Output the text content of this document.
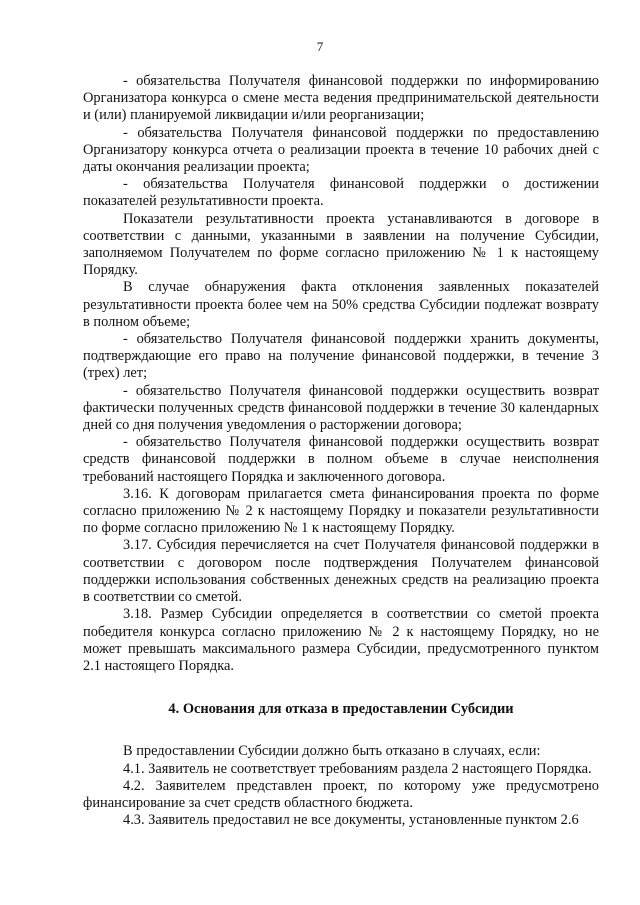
7

- обязательства Получателя финансовой поддержки по информированию Организатора конкурса о смене места ведения предпринимательской деятельности и (или) планируемой ликвидации и/или реорганизации;

- обязательства Получателя финансовой поддержки по предоставлению Организатору конкурса отчета о реализации проекта в течение 10 рабочих дней с даты окончания реализации проекта;

- обязательства Получателя финансовой поддержки о достижении показателей результативности проекта.

Показатели результативности проекта устанавливаются в договоре в соответствии с данными, указанными в заявлении на получение Субсидии, заполняемом Получателем по форме согласно приложению № 1 к настоящему Порядку.

В случае обнаружения факта отклонения заявленных показателей результативности проекта более чем на 50% средства Субсидии подлежат возврату в полном объеме;

- обязательство Получателя финансовой поддержки хранить документы, подтверждающие его право на получение финансовой поддержки, в течение 3 (трех) лет;

- обязательство Получателя финансовой поддержки осуществить возврат фактически полученных средств финансовой поддержки в течение 30 календарных дней со дня получения уведомления о расторжении договора;

- обязательство Получателя финансовой поддержки осуществить возврат средств финансовой поддержки в полном объеме в случае неисполнения требований настоящего Порядка и заключенного договора.

3.16. К договорам прилагается смета финансирования проекта по форме согласно приложению № 2 к настоящему Порядку и показатели результативности по форме согласно приложению № 1 к настоящему Порядку.

3.17. Субсидия перечисляется на счет Получателя финансовой поддержки в соответствии с договором после подтверждения Получателем финансовой поддержки использования собственных денежных средств на реализацию проекта в соответствии со сметой.

3.18. Размер Субсидии определяется в соответствии со сметой проекта победителя конкурса согласно приложению № 2 к настоящему Порядку, но не может превышать максимального размера Субсидии, предусмотренного пунктом 2.1 настоящего Порядка.

4. Основания для отказа в предоставлении Субсидии

В предоставлении Субсидии должно быть отказано в случаях, если:

4.1. Заявитель не соответствует требованиям раздела 2 настоящего Порядка.

4.2. Заявителем представлен проект, по которому уже предусмотрено финансирование за счет средств областного бюджета.

4.3. Заявитель предоставил не все документы, установленные пунктом 2.6
